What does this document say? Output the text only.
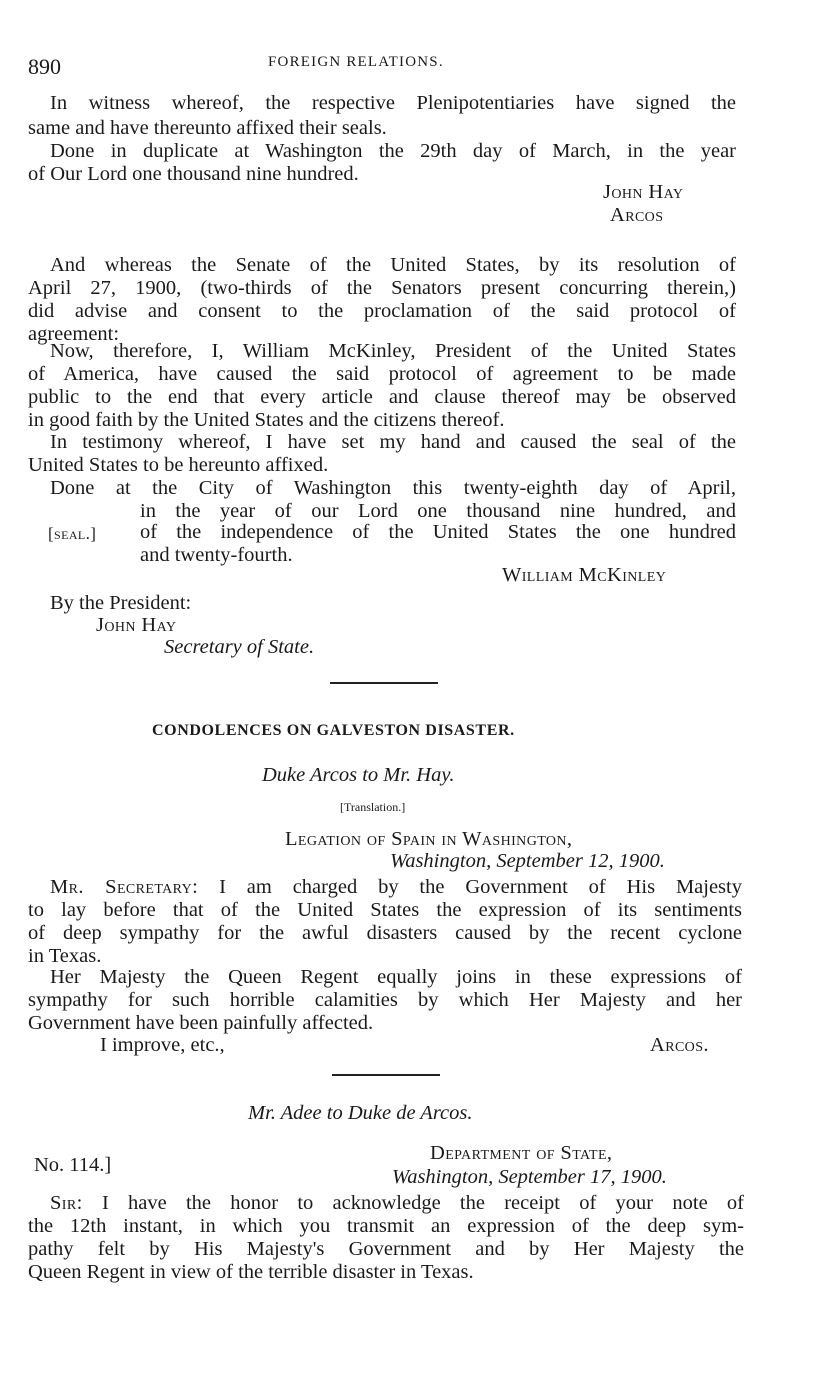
890	FOREIGN RELATIONS.
In witness whereof, the respective Plenipotentiaries have signed the
same and have thereunto affixed their seals.
Done in duplicate at Washington the 29th day of March, in the year
of Our Lord one thousand nine hundred.
John Hay
Arcos
And whereas the Senate of the United States, by its resolution of
April 27, 1900, (two-thirds of the Senators present concurring therein,)
did advise and consent to the proclamation of the said protocol of
agreement:
Now, therefore, I, William McKinley, President of the United States
of America, have caused the said protocol of agreement to be made
public to the end that every article and clause thereof may be observed
in good faith by the United States and the citizens thereof.
In testimony whereof, I have set my hand and caused the seal of the
United States to be hereunto affixed.
Done at the City of Washington this twenty-eighth day of April,
in the year of our Lord one thousand nine hundred, and
[seal.] of the independence of the United States the one hundred
and twenty-fourth.
William McKinley
By the President:
John Hay
Secretary of State.
CONDOLENCES ON GALVESTON DISASTER.
Duke Arcos to Mr. Hay.
[Translation.]
Legation of Spain in Washington,
Washington, September 12, 1900.
Mr. Secretary: I am charged by the Government of His Majesty
to lay before that of the United States the expression of its sentiments
of deep sympathy for the awful disasters caused by the recent cyclone
in Texas.
Her Majesty the Queen Regent equally joins in these expressions of
sympathy for such horrible calamities by which Her Majesty and her
Government have been painfully affected.
I improve, etc.,	Arcos.
Mr. Adee to Duke de Arcos.
No. 114.]
Department of State,
Washington, September 17, 1900.
Sir: I have the honor to acknowledge the receipt of your note of
the 12th instant, in which you transmit an expression of the deep sym-
pathy felt by His Majesty's Government and by Her Majesty the
Queen Regent in view of the terrible disaster in Texas.
